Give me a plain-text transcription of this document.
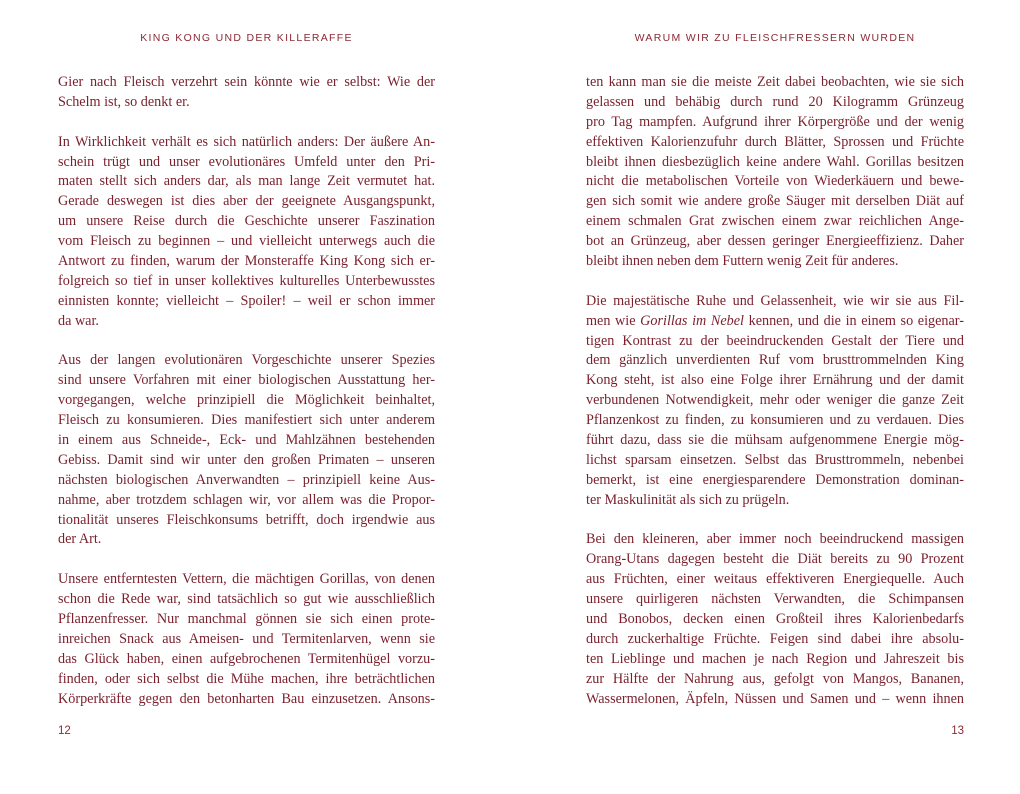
KING KONG UND DER KILLERAFFE
Gier nach Fleisch verzehrt sein könnte wie er selbst: Wie der
Schelm ist, so denkt er.
In Wirklichkeit verhält es sich natürlich anders: Der äußere An-
schein trügt und unser evolutionäres Umfeld unter den Pri-
maten stellt sich anders dar, als man lange Zeit vermutet hat.
Gerade deswegen ist dies aber der geeignete Ausgangspunkt,
um unsere Reise durch die Geschichte unserer Faszination
vom Fleisch zu beginnen – und vielleicht unterwegs auch die
Antwort zu finden, warum der Monsteraffe King Kong sich er-
folgreich so tief in unser kollektives kulturelles Unterbewusstes
einnisten konnte; vielleicht – Spoiler! – weil er schon immer
da war.
Aus der langen evolutionären Vorgeschichte unserer Spezies
sind unsere Vorfahren mit einer biologischen Ausstattung her-
vorgegangen, welche prinzipiell die Möglichkeit beinhaltet,
Fleisch zu konsumieren. Dies manifestiert sich unter anderem
in einem aus Schneide-, Eck- und Mahlzähnen bestehenden
Gebiss. Damit sind wir unter den großen Primaten – unseren
nächsten biologischen Anverwandten – prinzipiell keine Aus-
nahme, aber trotzdem schlagen wir, vor allem was die Propor-
tionalität unseres Fleischkonsums betrifft, doch irgendwie aus
der Art.
Unsere entferntesten Vettern, die mächtigen Gorillas, von denen
schon die Rede war, sind tatsächlich so gut wie ausschließlich
Pflanzenfresser. Nur manchmal gönnen sie sich einen prote-
inreichen Snack aus Ameisen- und Termitenlarven, wenn sie
das Glück haben, einen aufgebrochenen Termitenhügel vorzu-
finden, oder sich selbst die Mühe machen, ihre beträchtlichen
Körperkräfte gegen den betonharten Bau einzusetzen. Ansons-
12
WARUM WIR ZU FLEISCHFRESSERN WURDEN
ten kann man sie die meiste Zeit dabei beobachten, wie sie sich
gelassen und behäbig durch rund 20 Kilogramm Grünzeug
pro Tag mampfen. Aufgrund ihrer Körpergröße und der wenig
effektiven Kalorienzufuhr durch Blätter, Sprossen und Früchte
bleibt ihnen diesbezüglich keine andere Wahl. Gorillas besitzen
nicht die metabolischen Vorteile von Wiederkäuern und bewe-
gen sich somit wie andere große Säuger mit derselben Diät auf
einem schmalen Grat zwischen einem zwar reichlichen Ange-
bot an Grünzeug, aber dessen geringer Energieeffizienz. Daher
bleibt ihnen neben dem Futtern wenig Zeit für anderes.
Die majestätische Ruhe und Gelassenheit, wie wir sie aus Fil-
men wie Gorillas im Nebel kennen, und die in einem so eigenar-
tigen Kontrast zu der beeindruckenden Gestalt der Tiere und
dem gänzlich unverdienten Ruf vom brusttrommelnden King
Kong steht, ist also eine Folge ihrer Ernährung und der damit
verbundenen Notwendigkeit, mehr oder weniger die ganze Zeit
Pflanzenkost zu finden, zu konsumieren und zu verdauen. Dies
führt dazu, dass sie die mühsam aufgenommene Energie mög-
lichst sparsam einsetzen. Selbst das Brusttrommeln, nebenbei
bemerkt, ist eine energiesparendere Demonstration dominan-
ter Maskulinität als sich zu prügeln.
Bei den kleineren, aber immer noch beeindruckend massigen
Orang-Utans dagegen besteht die Diät bereits zu 90 Prozent
aus Früchten, einer weitaus effektiveren Energiequelle. Auch
unsere quirligeren nächsten Verwandten, die Schimpansen
und Bonobos, decken einen Großteil ihres Kalorienbedarfs
durch zuckerhaltige Früchte. Feigen sind dabei ihre absolu-
ten Lieblinge und machen je nach Region und Jahreszeit bis
zur Hälfte der Nahrung aus, gefolgt von Mangos, Bananen,
Wassermelonen, Äpfeln, Nüssen und Samen und – wenn ihnen
13
